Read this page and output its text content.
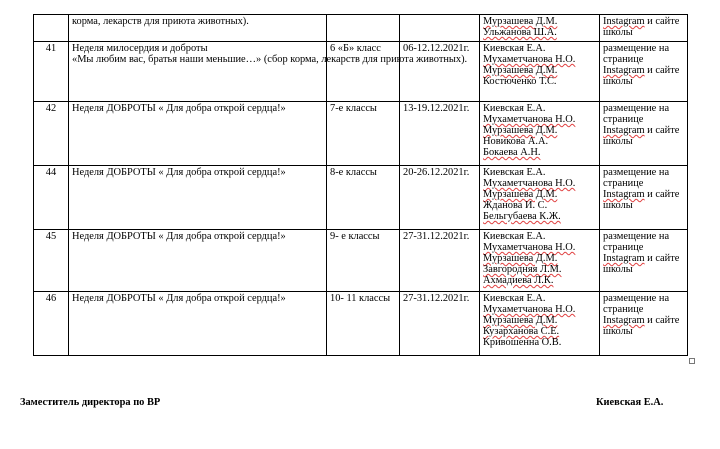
	корма, лекарств для приюта животных).			Мурзашева Д.М.
Ульжанова Ш.А.	Instagram и сайте
школы

41	Неделя милосердия и доброты
«Мы любим вас, братья наши меньшие…» (сбор корма, лекарств для приюта животных).	6 «Б» класс	06-12.12.2021г.	Киевская Е.А.
Мухаметчанова Н.О.
Мурзашева Д.М.
Костюченко Т.С.	размещение на
странице
Instagram и сайте
школы

42	Неделя ДОБРОТЫ « Для добра открой сердца!»	7-е классы	13-19.12.2021г.	Киевская Е.А.
Мухаметчанова Н.О.
Мурзашева Д.М.
Новикова А.А.
Бокаева А.Н.	размещение на
странице
Instagram и сайте
школы

44	Неделя ДОБРОТЫ « Для добра открой сердца!»	8-е классы	20-26.12.2021г.	Киевская Е.А.
Мухаметчанова Н.О.
Мурзашева Д.М.
Жданова И. С.
Бельгубаева К.Ж.	размещение на
странице
Instagram и сайте
школы

45	Неделя ДОБРОТЫ « Для добра открой сердца!»	9- е классы	27-31.12.2021г.	Киевская Е.А.
Мухаметчанова Н.О.
Мурзашева Д.М.
Завгородняя Л.М.
Ахмадиева Л.К.	размещение на
странице
Instagram и сайте
школы

46	Неделя ДОБРОТЫ « Для добра открой сердца!»	10- 11 классы	27-31.12.2021г.	Киевская Е.А.
Мухаметчанова Н.О.
Мурзашева Д.М.
Кузарханова С.Е.
Кривошенна О.В.	размещение на
странице
Instagram и сайте
школы
Заместитель директора по ВР	Киевская Е.А.
